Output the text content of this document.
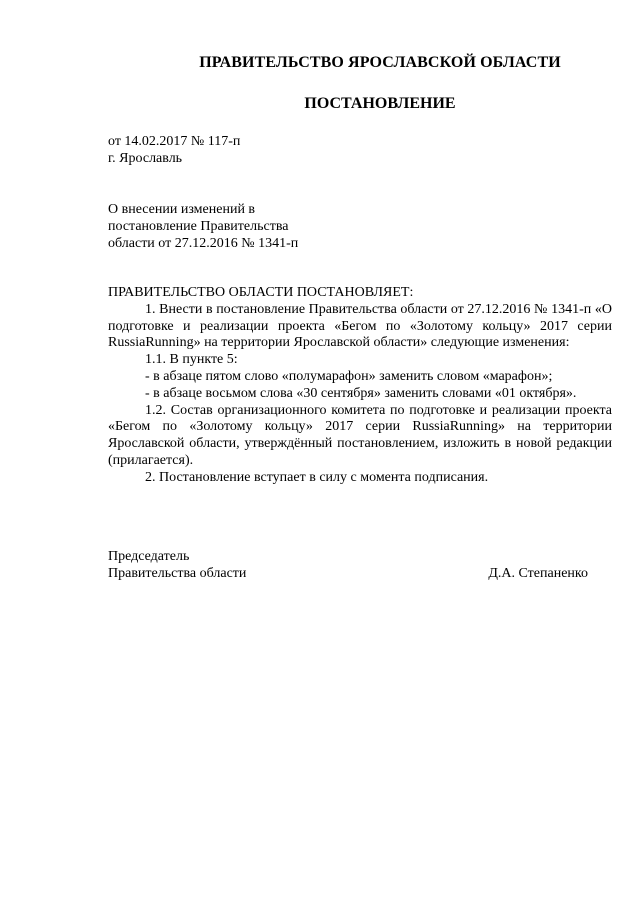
ПРАВИТЕЛЬСТВО ЯРОСЛАВСКОЙ ОБЛАСТИ
ПОСТАНОВЛЕНИЕ
от 14.02.2017 № 117-п
г. Ярославль
О внесении изменений в
постановление Правительства
области от 27.12.2016 № 1341-п
ПРАВИТЕЛЬСТВО ОБЛАСТИ ПОСТАНОВЛЯЕТ:

1. Внести в постановление Правительства области от 27.12.2016 № 1341-п «О подготовке и реализации проекта «Бегом по «Золотому кольцу» 2017 серии RussiaRunning» на территории Ярославской области» следующие изменения:

1.1. В пункте 5:

- в абзаце пятом слово «полумарафон» заменить словом «марафон»;

- в абзаце восьмом слова «30 сентября» заменить словами «01 октября».

1.2. Состав организационного комитета по подготовке и реализации проекта «Бегом по «Золотому кольцу» 2017 серии RussiaRunning» на территории Ярославской области, утверждённый постановлением, изложить в новой редакции (прилагается).

2. Постановление вступает в силу с момента подписания.

Председатель
Правительства области	Д.А. Степаненко
